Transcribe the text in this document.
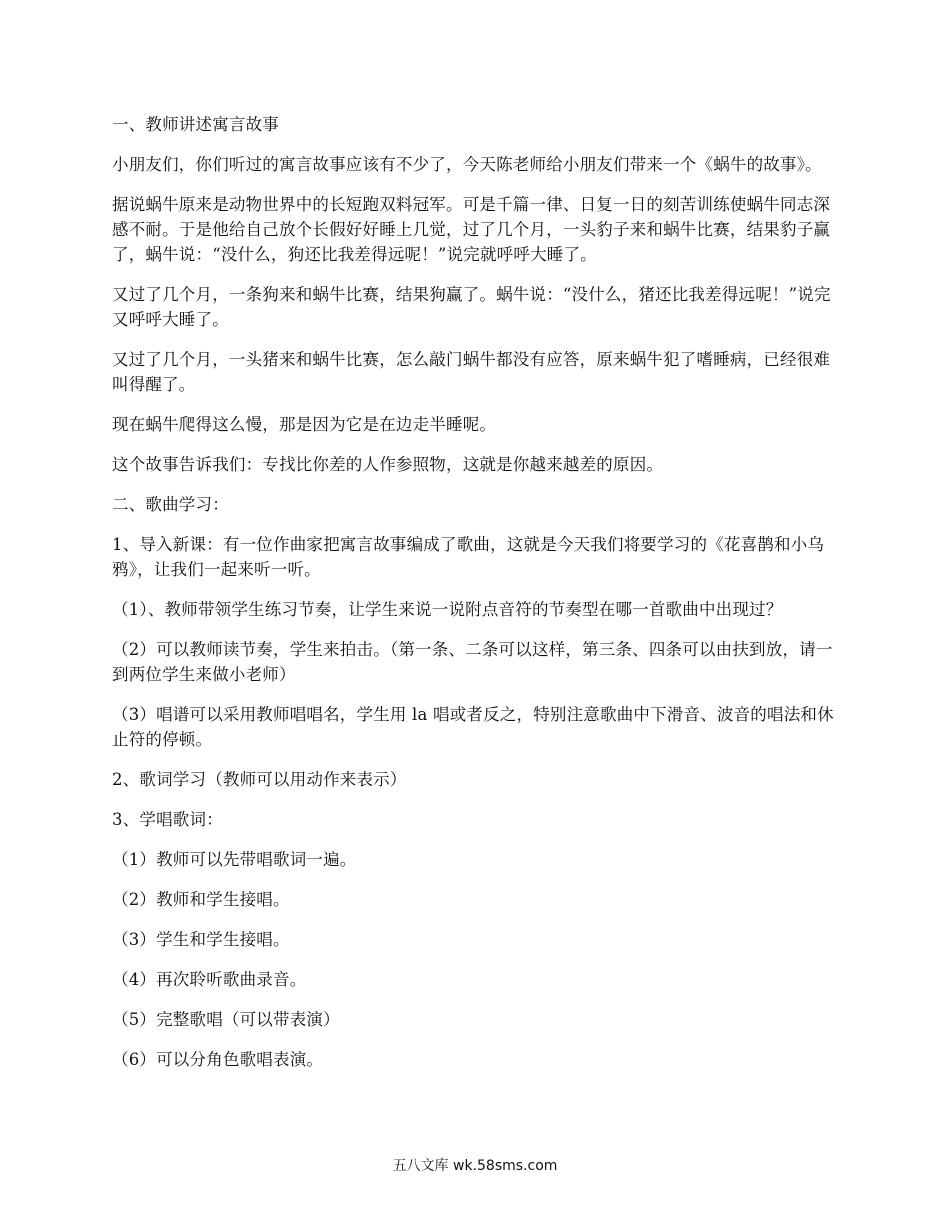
一、教师讲述寓言故事

小朋友们，你们听过的寓言故事应该有不少了，今天陈老师给小朋友们带来一个《蜗牛的故事》。

据说蜗牛原来是动物世界中的长短跑双料冠军。可是千篇一律、日复一日的刻苦训练使蜗牛同志深感不耐。于是他给自己放个长假好好睡上几觉，过了几个月，一头豹子来和蜗牛比赛，结果豹子赢了，蜗牛说：“没什么，狗还比我差得远呢！”说完就呼呼大睡了。

又过了几个月，一条狗来和蜗牛比赛，结果狗赢了。蜗牛说：“没什么，猪还比我差得远呢！”说完又呼呼大睡了。

又过了几个月，一头猪来和蜗牛比赛，怎么敲门蜗牛都没有应答，原来蜗牛犯了嗜睡病，已经很难叫得醒了。

现在蜗牛爬得这么慢，那是因为它是在边走半睡呢。

这个故事告诉我们：专找比你差的人作参照物，这就是你越来越差的原因。

二、歌曲学习：

1、导入新课：有一位作曲家把寓言故事编成了歌曲，这就是今天我们将要学习的《花喜鹊和小乌鸦》，让我们一起来听一听。

（1）、教师带领学生练习节奏，让学生来说一说附点音符的节奏型在哪一首歌曲中出现过？

（2）可以教师读节奏，学生来拍击。（第一条、二条可以这样，第三条、四条可以由扶到放，请一到两位学生来做小老师）

（3）唱谱可以采用教师唱唱名，学生用 la 唱或者反之，特别注意歌曲中下滑音、波音的唱法和休止符的停顿。

2、歌词学习（教师可以用动作来表示）

3、学唱歌词：

（1）教师可以先带唱歌词一遍。

（2）教师和学生接唱。

（3）学生和学生接唱。

（4）再次聆听歌曲录音。

（5）完整歌唱（可以带表演）

（6）可以分角色歌唱表演。

五八文库 wk.58sms.com
